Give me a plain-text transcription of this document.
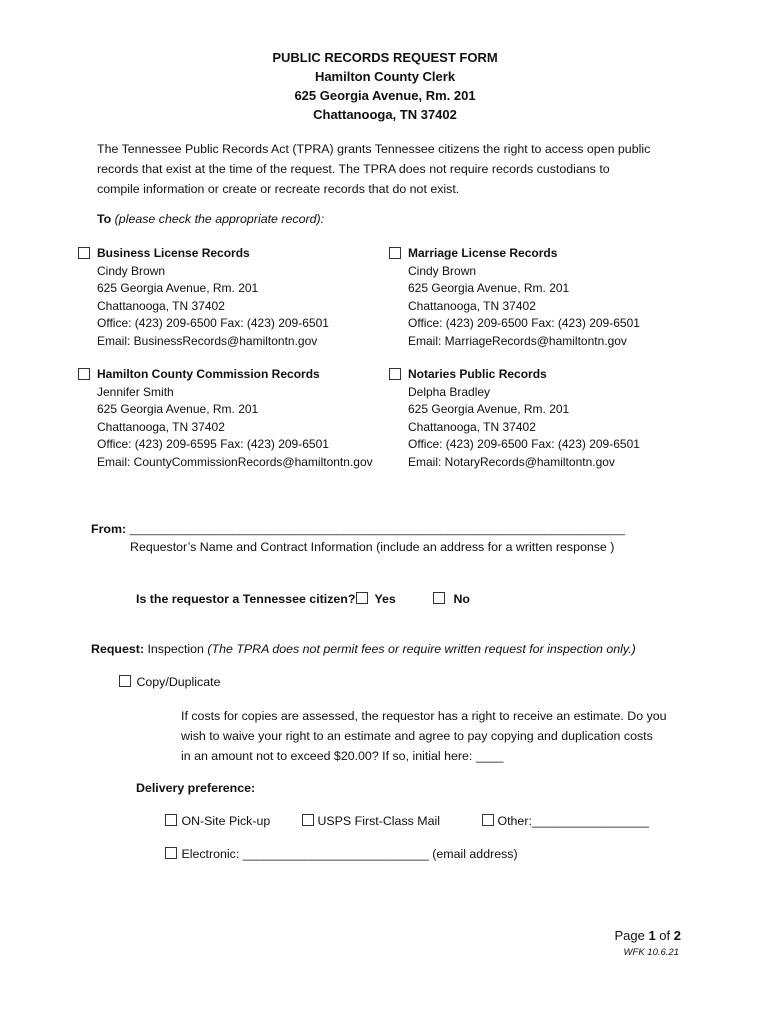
PUBLIC RECORDS REQUEST FORM
Hamilton County Clerk
625 Georgia Avenue, Rm. 201
Chattanooga, TN 37402
The Tennessee Public Records Act (TPRA) grants Tennessee citizens the right to access open public
records that exist at the time of the request. The TPRA does not require records custodians to
compile information or create or recreate records that do not exist.
To (please check the appropriate record):
Business License Records
Cindy Brown
625 Georgia Avenue, Rm. 201
Chattanooga, TN 37402
Office: (423) 209-6500 Fax: (423) 209-6501
Email: BusinessRecords@hamiltontn.gov
Marriage License Records
Cindy Brown
625 Georgia Avenue, Rm. 201
Chattanooga, TN 37402
Office: (423) 209-6500 Fax: (423) 209-6501
Email: MarriageRecords@hamiltontn.gov
Hamilton County Commission Records
Jennifer Smith
625 Georgia Avenue, Rm. 201
Chattanooga, TN 37402
Office: (423) 209-6595 Fax: (423) 209-6501
Email: CountyCommissionRecords@hamiltontn.gov
Notaries Public Records
Delpha Bradley
625 Georgia Avenue, Rm. 201
Chattanooga, TN 37402
Office: (423) 209-6500 Fax: (423) 209-6501
Email: NotaryRecords@hamiltontn.gov
From: _________________________________________________________________________________
Requestor’s Name and Contract Information (include an address for a written response )
Is the requestor a Tennessee citizen?	Yes	No
Request: Inspection (The TPRA does not permit fees or require written request for inspection only.)
Copy/Duplicate
If costs for copies are assessed, the requestor has a right to receive an estimate. Do you
wish to waive your right to an estimate and agree to pay copying and duplication costs
in an amount not to exceed $20.00? If so, initial here: ____
Delivery preference:
ON-Site Pick-up	USPS First-Class Mail	Other:_________________
Electronic: ___________________________ (email address)
Page 1 of 2
WFK 10.6.21
